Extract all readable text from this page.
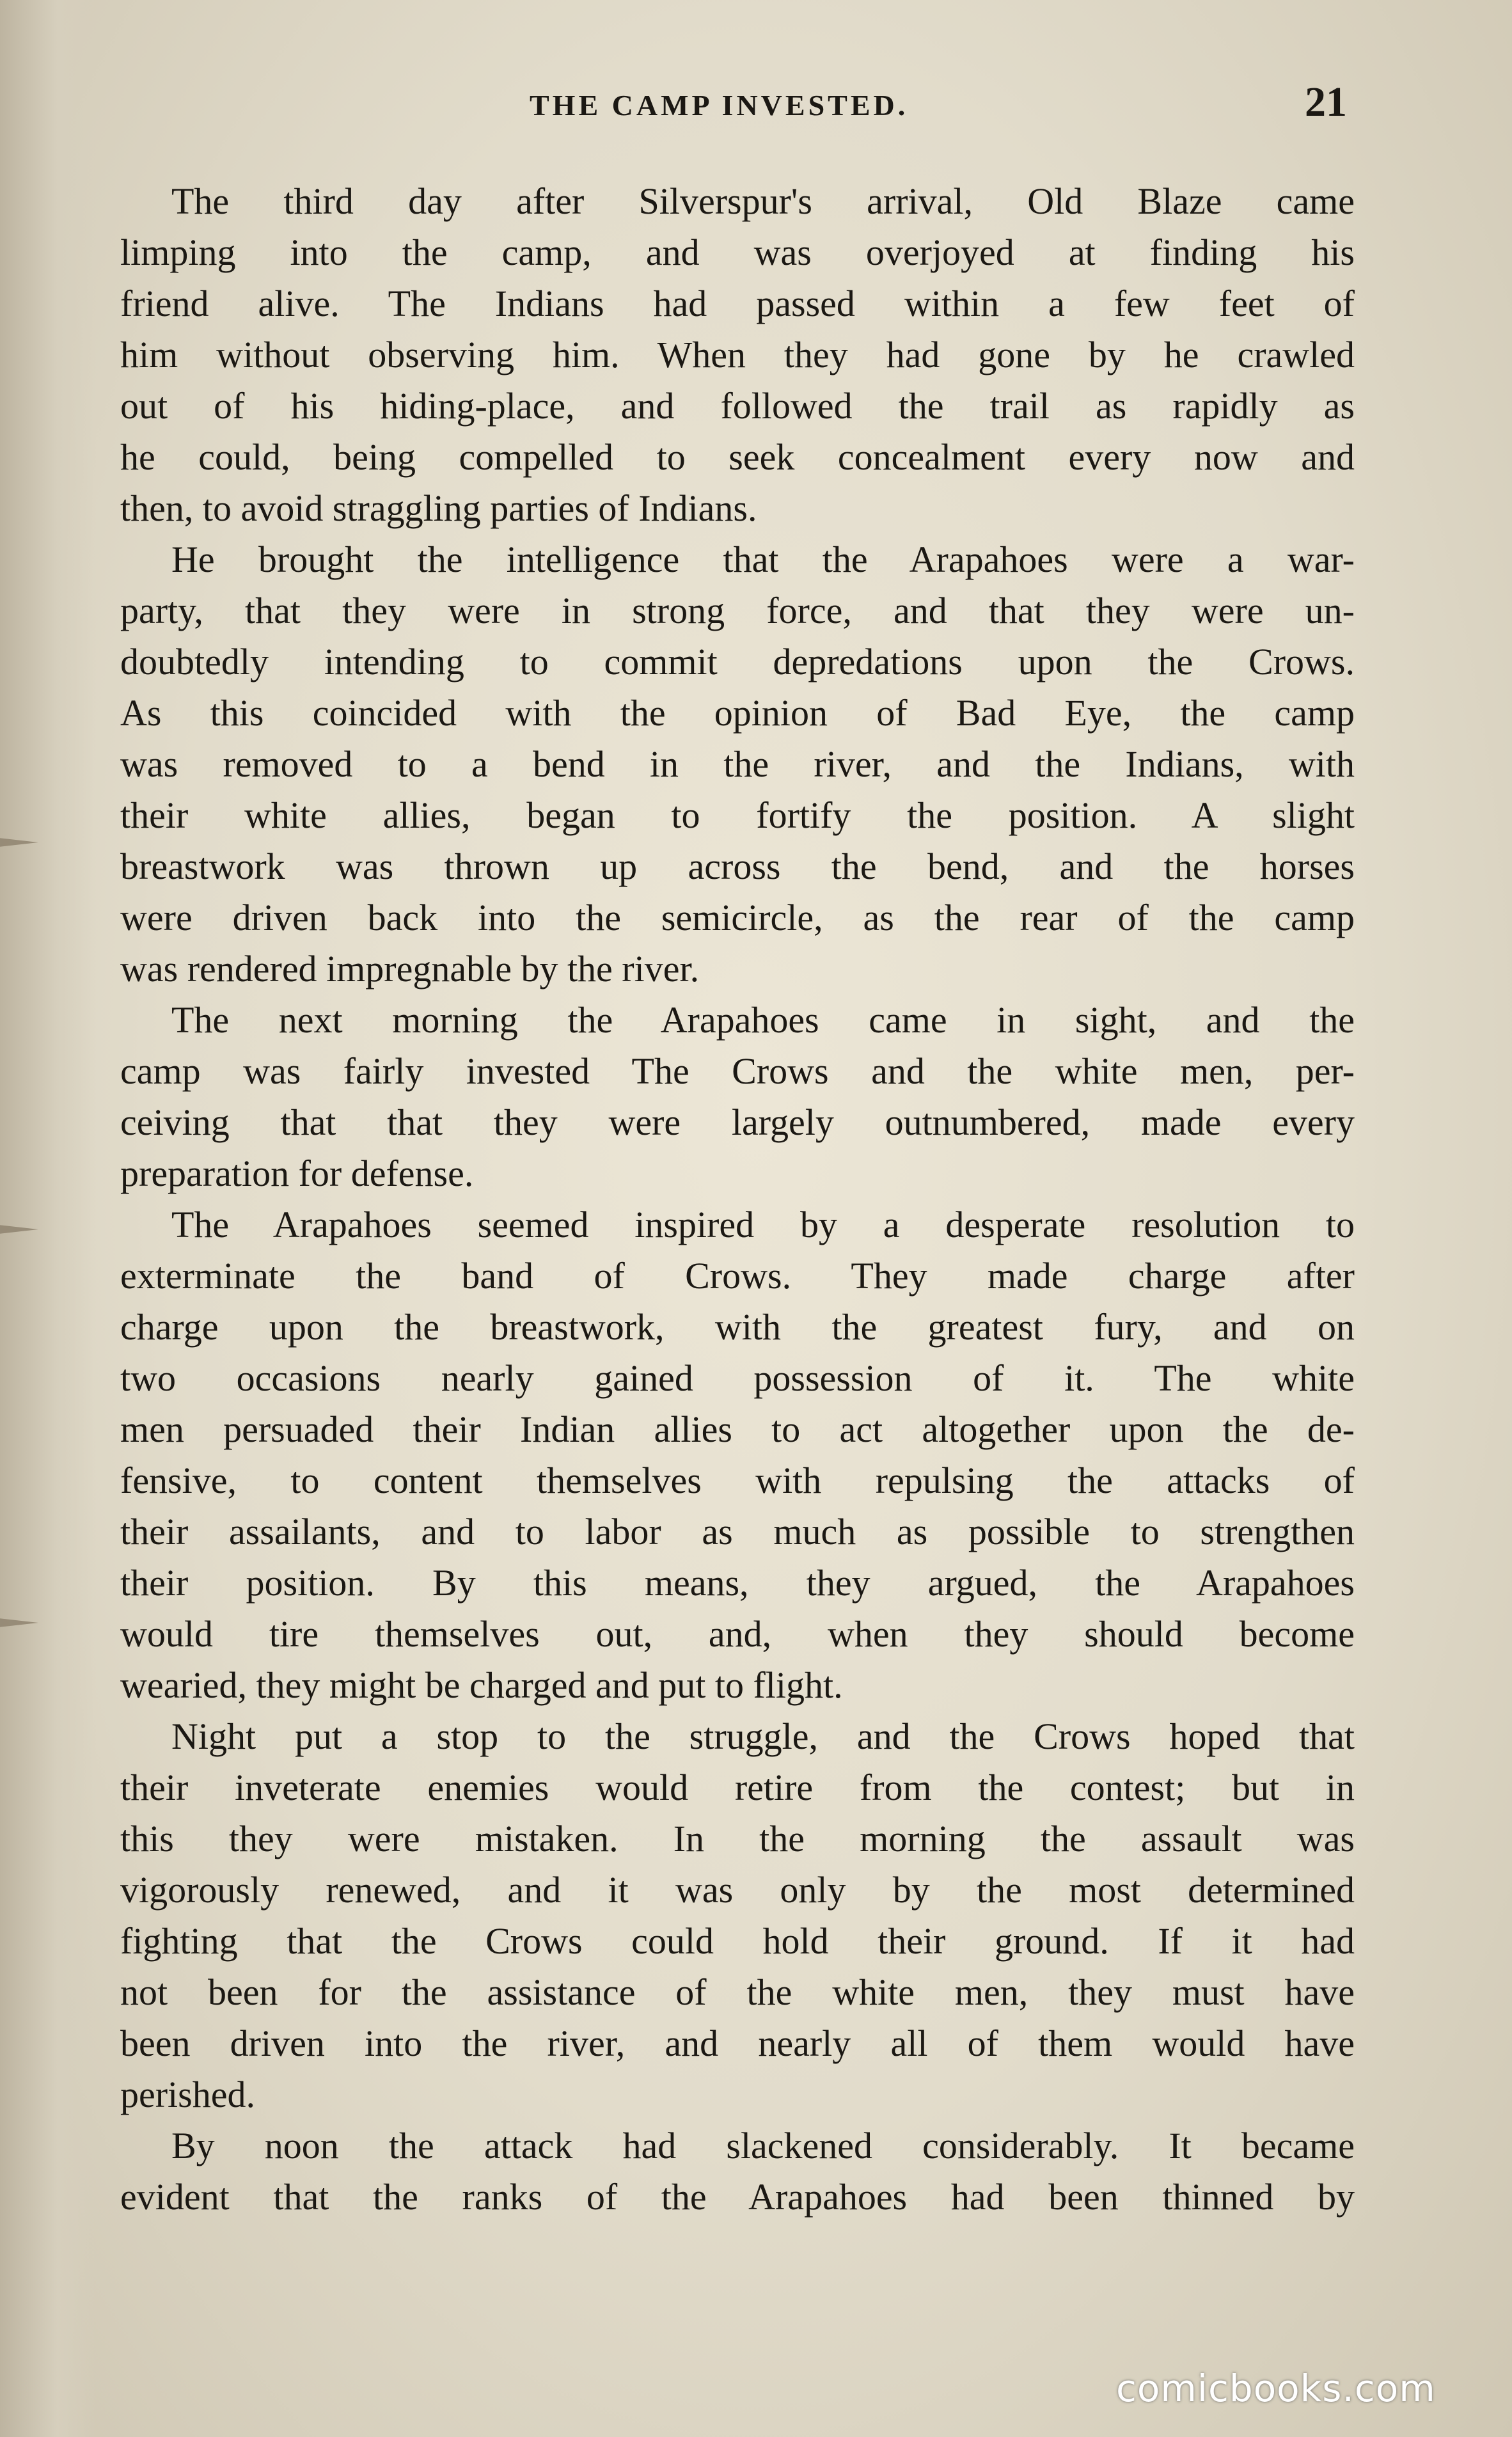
THE CAMP INVESTED.	21
The third day after Silverspur's arrival, Old Blaze came
limping into the camp, and was overjoyed at finding his
friend alive. The Indians had passed within a few feet of
him without observing him. When they had gone by he crawled
out of his hiding-place, and followed the trail as rapidly as
he could, being compelled to seek concealment every now and
then, to avoid straggling parties of Indians.
He brought the intelligence that the Arapahoes were a war-
party, that they were in strong force, and that they were un-
doubtedly intending to commit depredations upon the Crows.
As this coincided with the opinion of Bad Eye, the camp
was removed to a bend in the river, and the Indians, with
their white allies, began to fortify the position. A slight
breastwork was thrown up across the bend, and the horses
were driven back into the semicircle, as the rear of the camp
was rendered impregnable by the river.
The next morning the Arapahoes came in sight, and the
camp was fairly invested The Crows and the white men, per-
ceiving that that they were largely outnumbered, made every
preparation for defense.
The Arapahoes seemed inspired by a desperate resolution to
exterminate the band of Crows. They made charge after
charge upon the breastwork, with the greatest fury, and on
two occasions nearly gained possession of it. The white
men persuaded their Indian allies to act altogether upon the de-
fensive, to content themselves with repulsing the attacks of
their assailants, and to labor as much as possible to strengthen
their position. By this means, they argued, the Arapahoes
would tire themselves out, and, when they should become
wearied, they might be charged and put to flight.
Night put a stop to the struggle, and the Crows hoped that
their inveterate enemies would retire from the contest; but in
this they were mistaken. In the morning the assault was
vigorously renewed, and it was only by the most determined
fighting that the Crows could hold their ground. If it had
not been for the assistance of the white men, they must have
been driven into the river, and nearly all of them would have
perished.
By noon the attack had slackened considerably. It became
evident that the ranks of the Arapahoes had been thinned by
comicbooks.com
